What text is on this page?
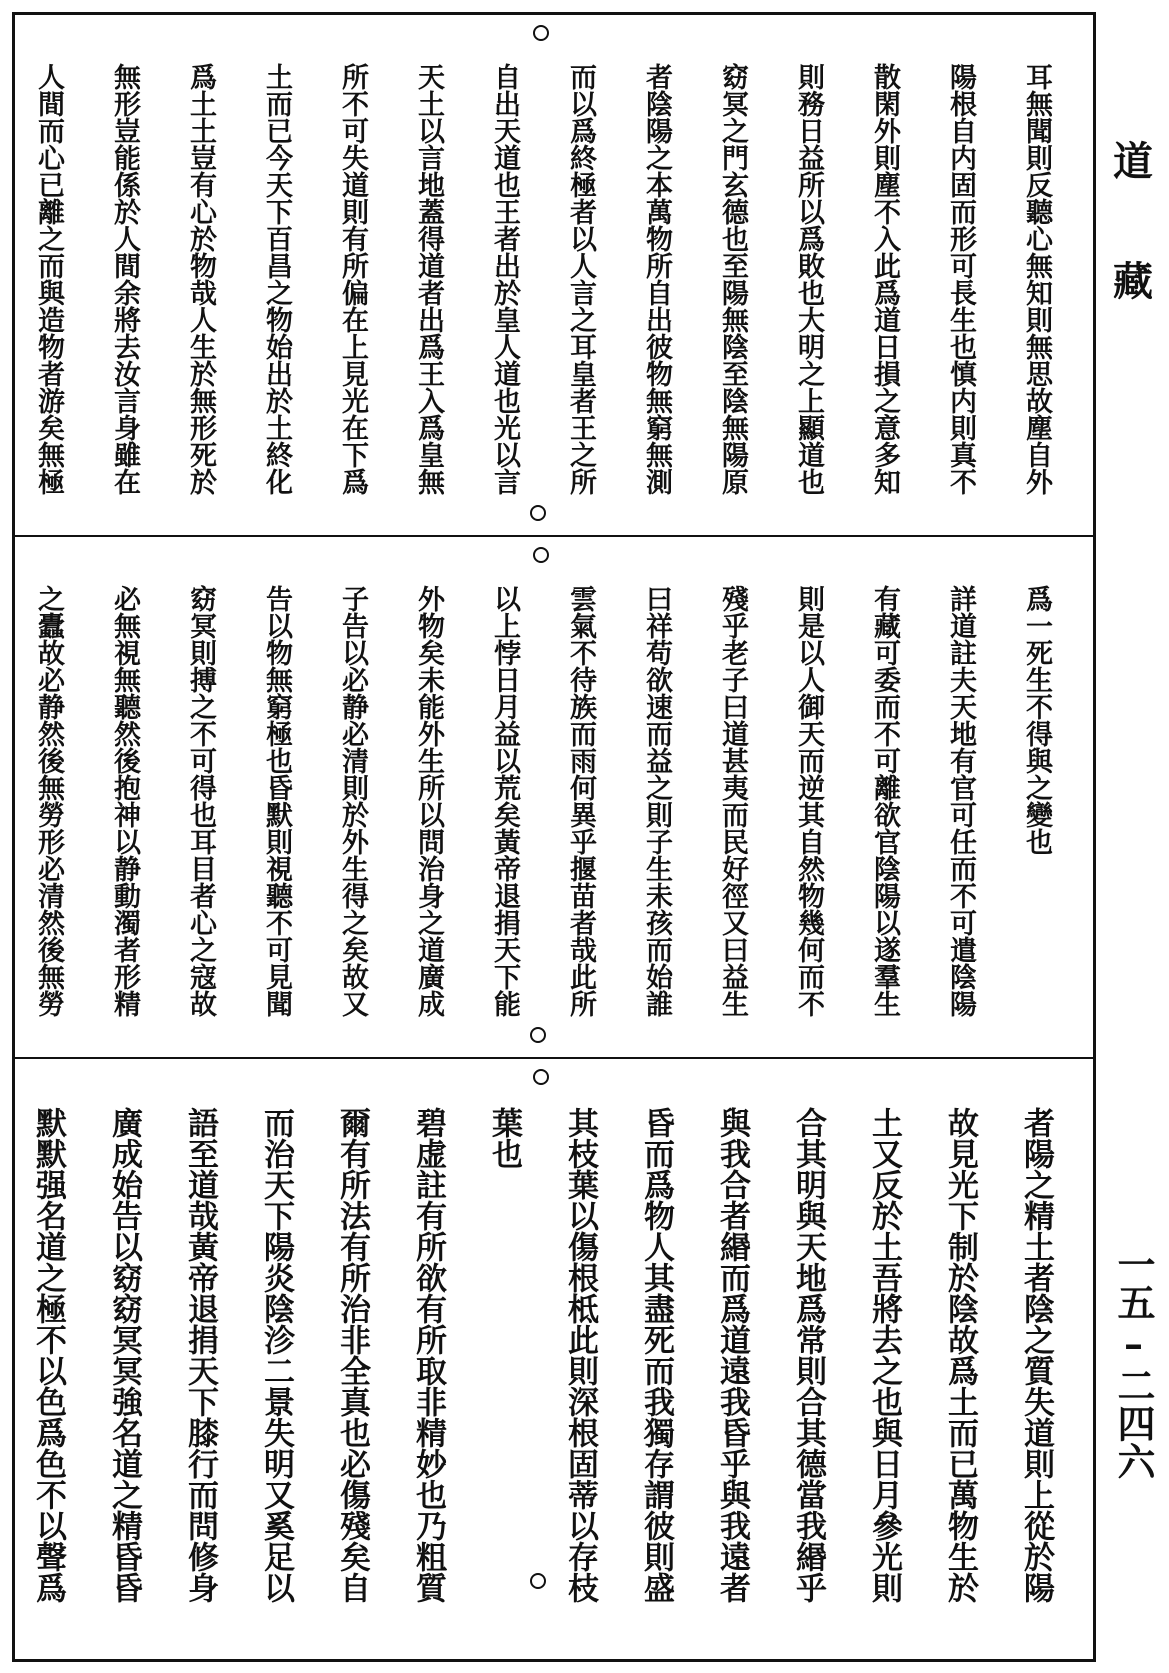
耳無聞則反聽心無知則無思故塵自外
陽根自内固而形可長生也慎内則真不
散閑外則塵不入此爲道日損之意多知
則務日益所以爲敗也大明之上顯道也
窈冥之門玄德也至陽無陰至陰無陽原
者陰陽之本萬物所自出彼物無窮無測
而以爲終極者以人言之耳皇者王之所
自出天道也王者出於皇人道也光以言
天土以言地蓋得道者出爲王入爲皇無
所不可失道則有所偏在上見光在下爲
土而已今天下百昌之物始出於土終化
爲土土豈有心於物哉人生於無形死於
無形豈能係於人間余將去汝言身雖在
人間而心已離之而與造物者游矣無極
爲一死生不得與之變也
詳道註夫天地有官可任而不可遣陰陽
有藏可委而不可離欲官陰陽以遂羣生
則是以人御天而逆其自然物幾何而不
殘乎老子曰道甚夷而民好徑又曰益生
曰祥苟欲速而益之則子生未孩而始誰
雲氣不待族而雨何異乎揠苗者哉此所
以上悖日月益以荒矣黃帝退捐天下能
外物矣未能外生所以問治身之道廣成
子告以必静必清則於外生得之矣故又
告以物無窮極也昏默則視聽不可見聞
窈冥則搏之不可得也耳目者心之寇故
必無視無聽然後抱神以静動濁者形精
之蠹故必静然後無勞形必清然後無勞
者陽之精土者陰之質失道則上從於陽
故見光下制於陰故爲土而已萬物生於
土又反於土吾將去之也與日月參光則
合其明與天地爲常則合其德當我緡乎
與我合者緡而爲道遠我昏乎與我遠者
昏而爲物人其盡死而我獨存謂彼則盛
其枝葉以傷根柢此則深根固蒂以存枝
葉也
碧虚註有所欲有所取非精妙也乃粗質
爾有所法有所治非全真也必傷殘矣自
而治天下陽炎陰沴二景失明又奚足以
語至道哉黃帝退捐天下膝行而問修身
廣成始告以窈窈冥冥強名道之精昏昏
默默强名道之極不以色爲色不以聲爲
道
藏
一五–二四六
